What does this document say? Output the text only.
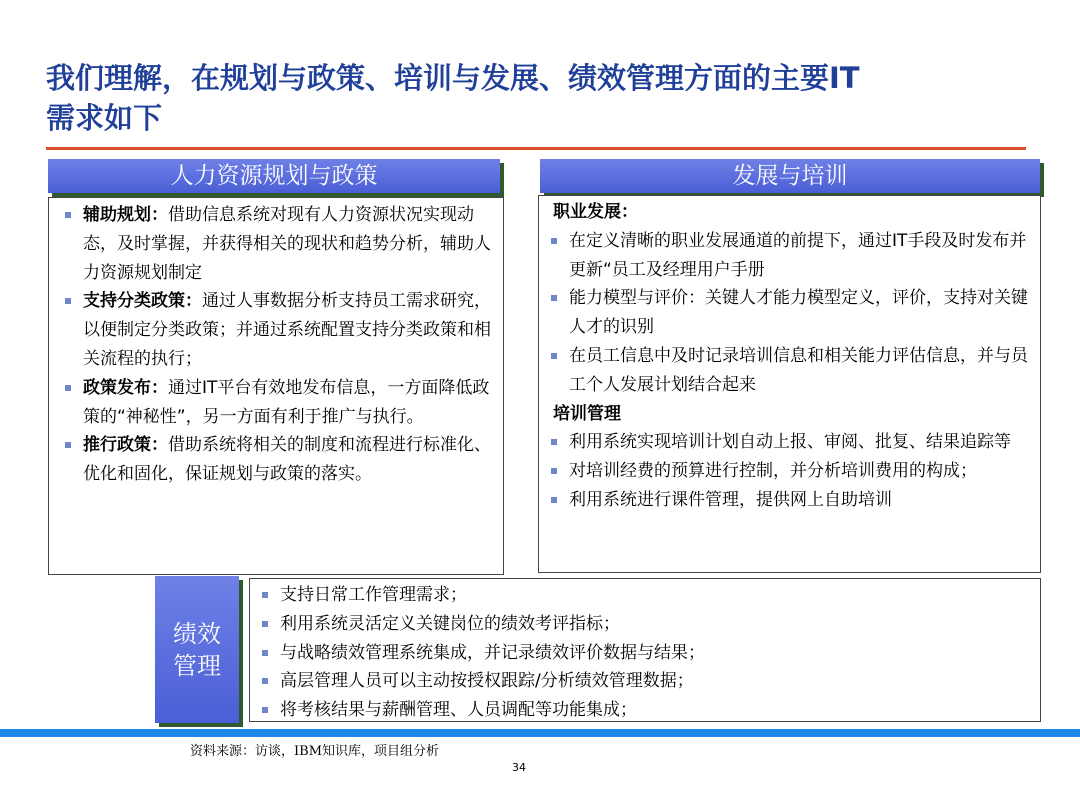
我们理解，在规划与政策、培训与发展、绩效管理方面的主要IT
需求如下
人力资源规划与政策
辅助规划：借助信息系统对现有人力资源状况实现动态，及时掌握，并获得相关的现状和趋势分析，辅助人力资源规划制定
支持分类政策：通过人事数据分析支持员工需求研究，以便制定分类政策；并通过系统配置支持分类政策和相关流程的执行；
政策发布：通过IT平台有效地发布信息，一方面降低政策的“神秘性”，另一方面有利于推广与执行。
推行政策：借助系统将相关的制度和流程进行标准化、优化和固化，保证规划与政策的落实。
发展与培训
职业发展：
在定义清晰的职业发展通道的前提下，通过IT手段及时发布并更新“员工及经理用户手册
能力模型与评价：关键人才能力模型定义，评价，支持对关键人才的识别
在员工信息中及时记录培训信息和相关能力评估信息，并与员工个人发展计划结合起来
培训管理
利用系统实现培训计划自动上报、审阅、批复、结果追踪等
对培训经费的预算进行控制，并分析培训费用的构成；
利用系统进行课件管理，提供网上自助培训
绩效
管理
支持日常工作管理需求；
利用系统灵活定义关键岗位的绩效考评指标；
与战略绩效管理系统集成，并记录绩效评价数据与结果；
高层管理人员可以主动按授权跟踪/分析绩效管理数据；
将考核结果与薪酬管理、人员调配等功能集成；
资料来源：访谈，IBM知识库，项目组分析
34
